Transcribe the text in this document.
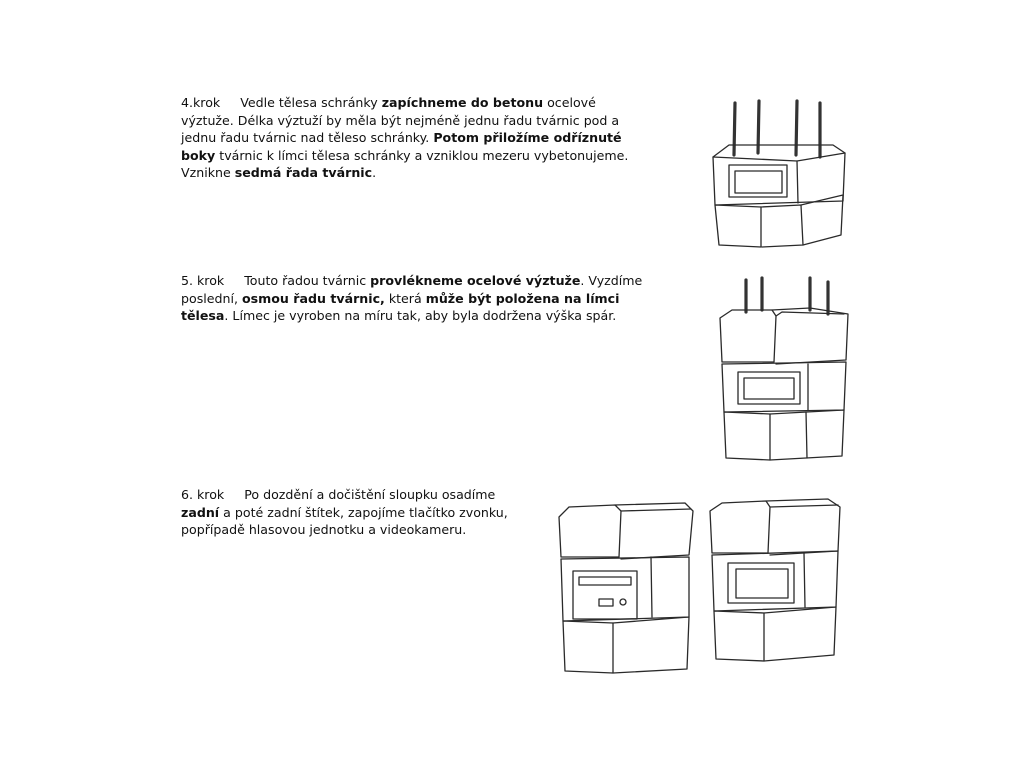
4.krok Vedle tělesa schránky zapíchneme do betonu ocelové výztuže. Délka výztuží by měla být nejméně jednu řadu tvárnic pod a jednu řadu tvárnic nad těleso schránky. Potom přiložíme odříznuté boky tvárnic k límci tělesa schránky a vzniklou mezeru vybetonujeme. Vznikne sedmá řada tvárnic.

5. krok Touto řadou tvárnic provlékneme ocelové výztuže. Vyzdíme poslední, osmou řadu tvárnic, která může být položena na límci tělesa. Límec je vyroben na míru tak, aby byla dodržena výška spár.

6. krok Po dozdění a dočištění sloupku osadíme zadní a poté zadní štítek, zapojíme tlačítko zvonku, popřípadě hlasovou jednotku a videokameru.
